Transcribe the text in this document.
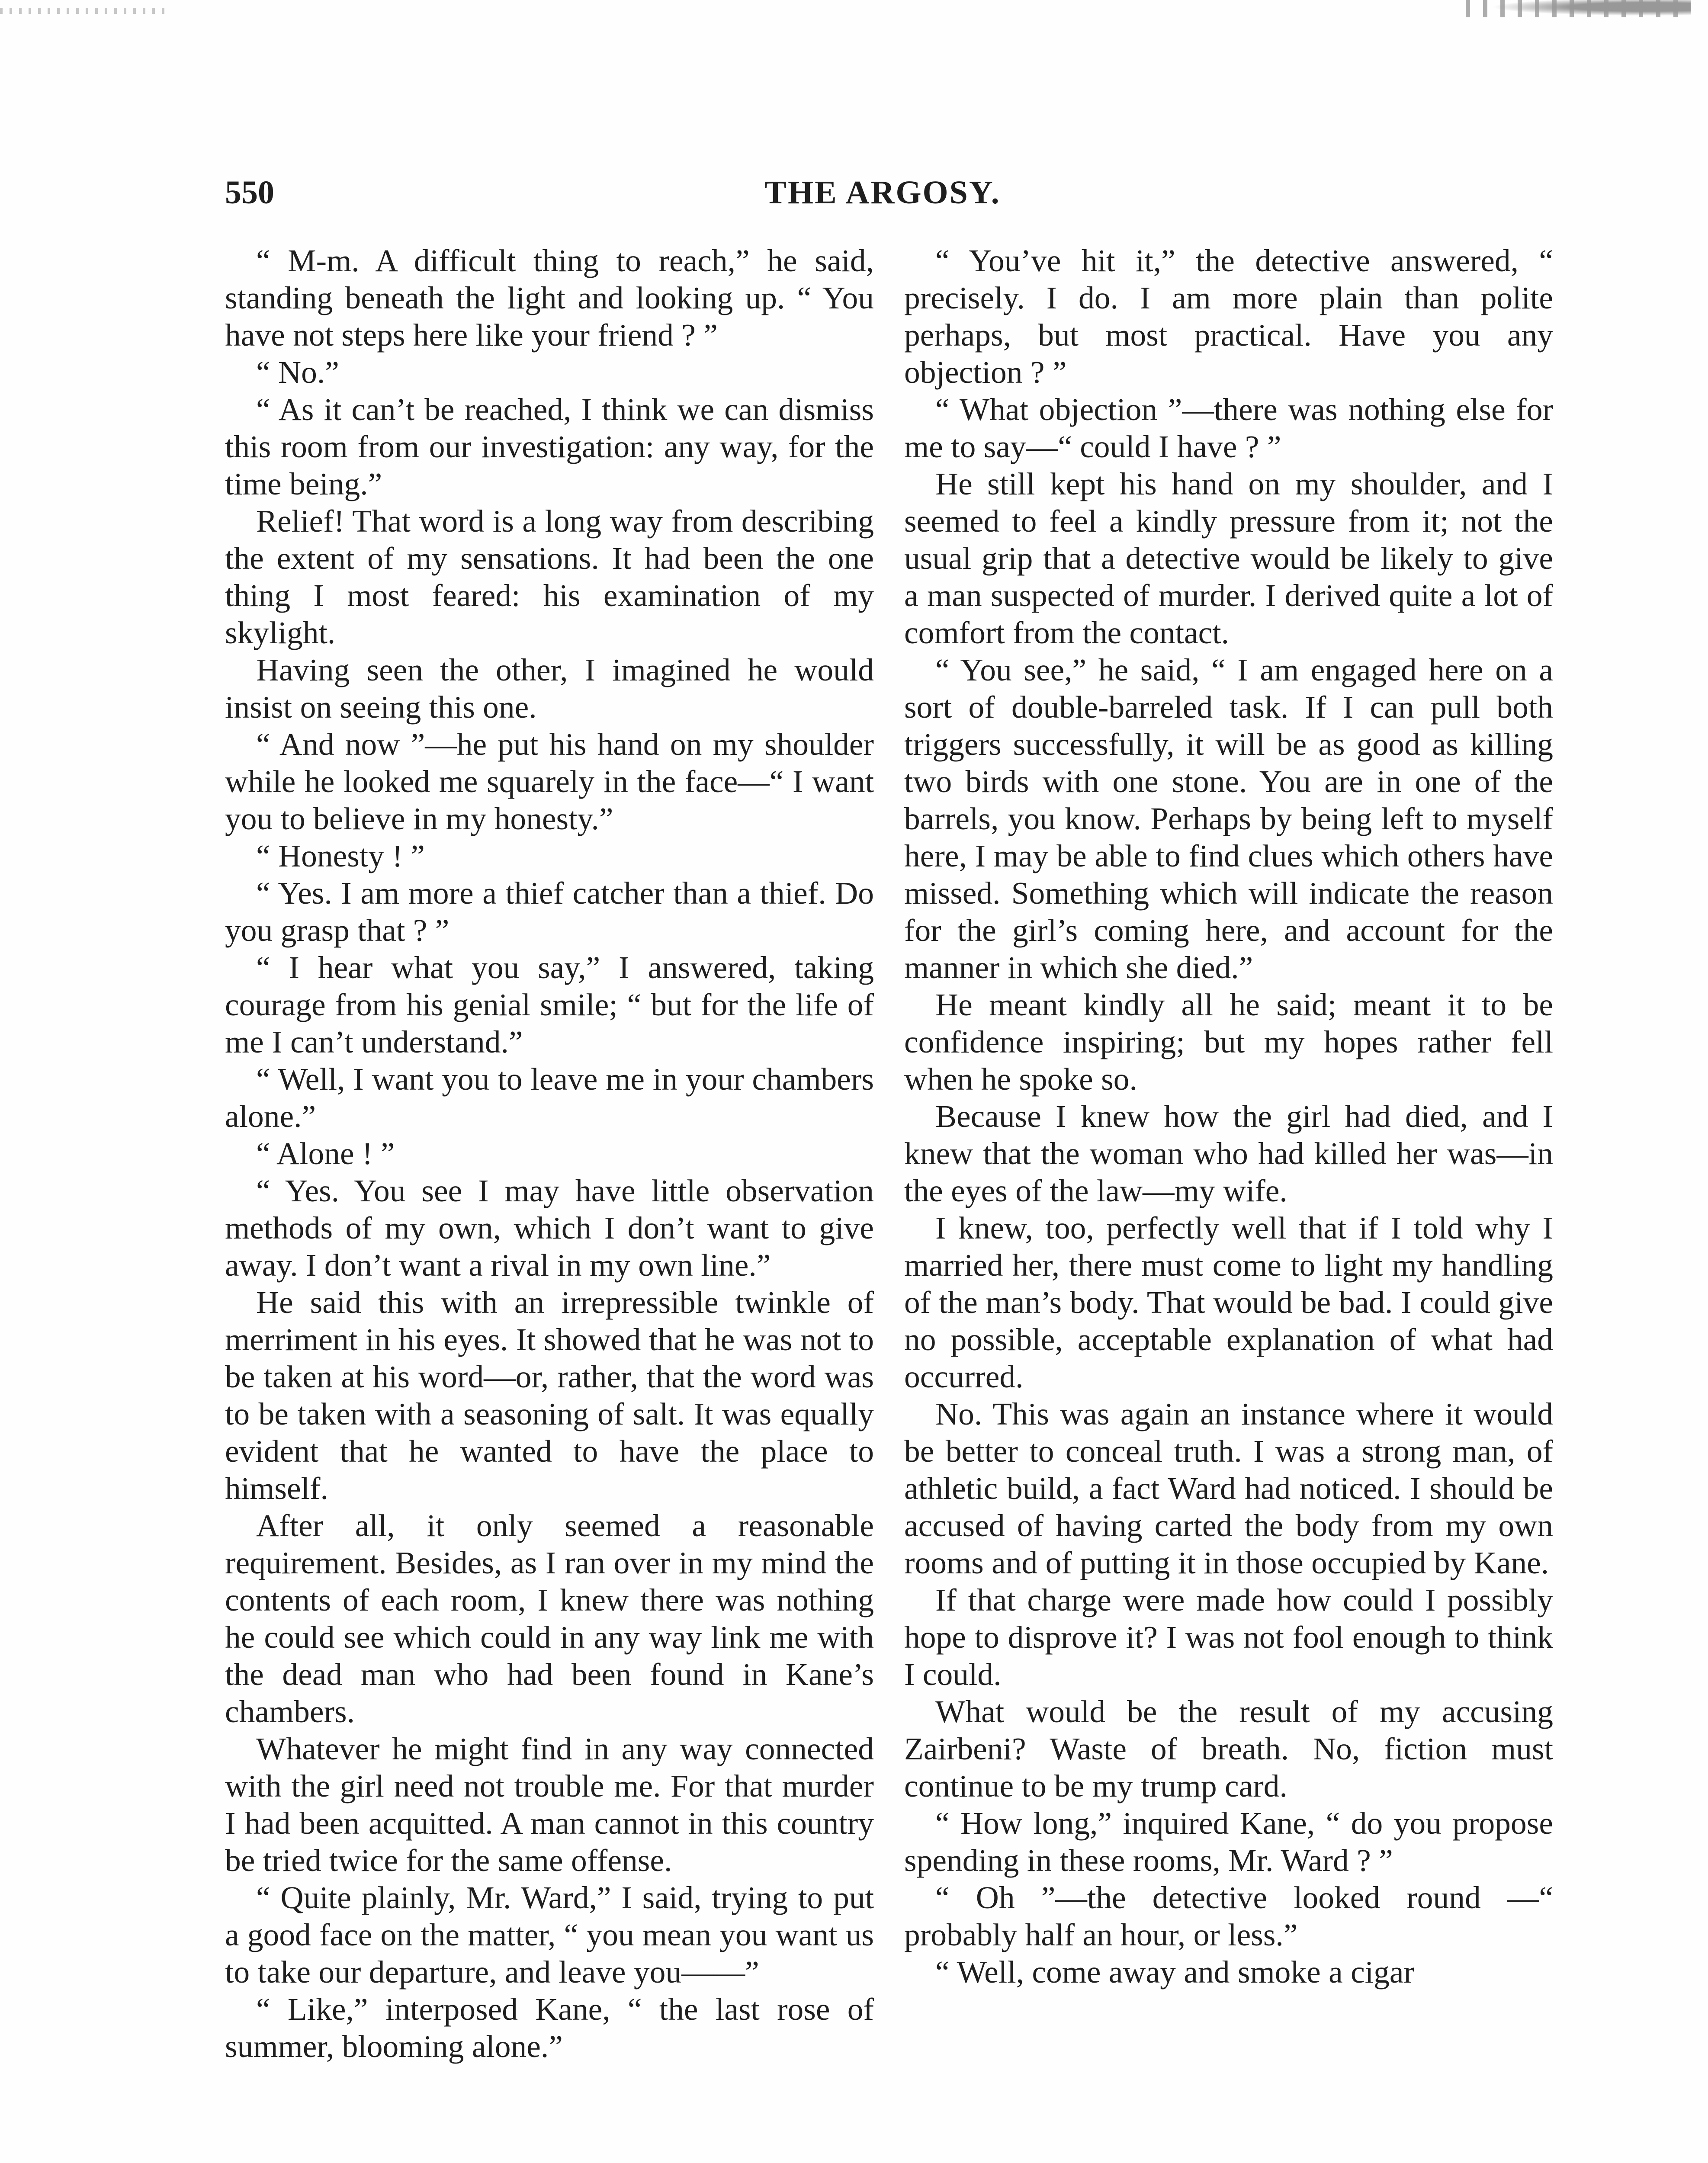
550	THE ARGOSY.

“ M-m. A difficult thing to reach,” he said, standing beneath the light and looking up. “ You have not steps here like your friend ? ”

“ No.”

“ As it can’t be reached, I think we can dismiss this room from our investigation: any way, for the time being.”

Relief! That word is a long way from describing the extent of my sensations. It had been the one thing I most feared: his examination of my skylight.

Having seen the other, I imagined he would insist on seeing this one.

“ And now ”—he put his hand on my shoulder while he looked me squarely in the face—“ I want you to believe in my honesty.”

“ Honesty ! ”

“ Yes. I am more a thief catcher than a thief. Do you grasp that ? ”

“ I hear what you say,” I answered, taking courage from his genial smile; “ but for the life of me I can’t understand.”

“ Well, I want you to leave me in your chambers alone.”

“ Alone ! ”

“ Yes. You see I may have little observation methods of my own, which I don’t want to give away. I don’t want a rival in my own line.”

He said this with an irrepressible twinkle of merriment in his eyes. It showed that he was not to be taken at his word—or, rather, that the word was to be taken with a seasoning of salt. It was equally evident that he wanted to have the place to himself.

After all, it only seemed a reasonable requirement. Besides, as I ran over in my mind the contents of each room, I knew there was nothing he could see which could in any way link me with the dead man who had been found in Kane’s chambers.

Whatever he might find in any way connected with the girl need not trouble me. For that murder I had been acquitted. A man cannot in this country be tried twice for the same offense.

“ Quite plainly, Mr. Ward,” I said, trying to put a good face on the matter, “ you mean you want us to take our departure, and leave you——”

“ Like,” interposed Kane, “ the last rose of summer, blooming alone.”

“ You’ve hit it,” the detective answered, “ precisely. I do. I am more plain than polite perhaps, but most practical. Have you any objection ? ”

“ What objection ”—there was nothing else for me to say—“ could I have ? ”

He still kept his hand on my shoulder, and I seemed to feel a kindly pressure from it; not the usual grip that a detective would be likely to give a man suspected of murder. I derived quite a lot of comfort from the contact.

“ You see,” he said, “ I am engaged here on a sort of double-barreled task. If I can pull both triggers successfully, it will be as good as killing two birds with one stone. You are in one of the barrels, you know. Perhaps by being left to myself here, I may be able to find clues which others have missed. Something which will indicate the reason for the girl’s coming here, and account for the manner in which she died.”

He meant kindly all he said; meant it to be confidence inspiring; but my hopes rather fell when he spoke so.

Because I knew how the girl had died, and I knew that the woman who had killed her was—in the eyes of the law—my wife.

I knew, too, perfectly well that if I told why I married her, there must come to light my handling of the man’s body. That would be bad. I could give no possible, acceptable explanation of what had occurred.

No. This was again an instance where it would be better to conceal truth. I was a strong man, of athletic build, a fact Ward had noticed. I should be accused of having carted the body from my own rooms and of putting it in those occupied by Kane.

If that charge were made how could I possibly hope to disprove it? I was not fool enough to think I could.

What would be the result of my accusing Zairbeni? Waste of breath. No, fiction must continue to be my trump card.

“ How long,” inquired Kane, “ do you propose spending in these rooms, Mr. Ward ? ”

“ Oh ”—the detective looked round —“ probably half an hour, or less.”

“ Well, come away and smoke a cigar
